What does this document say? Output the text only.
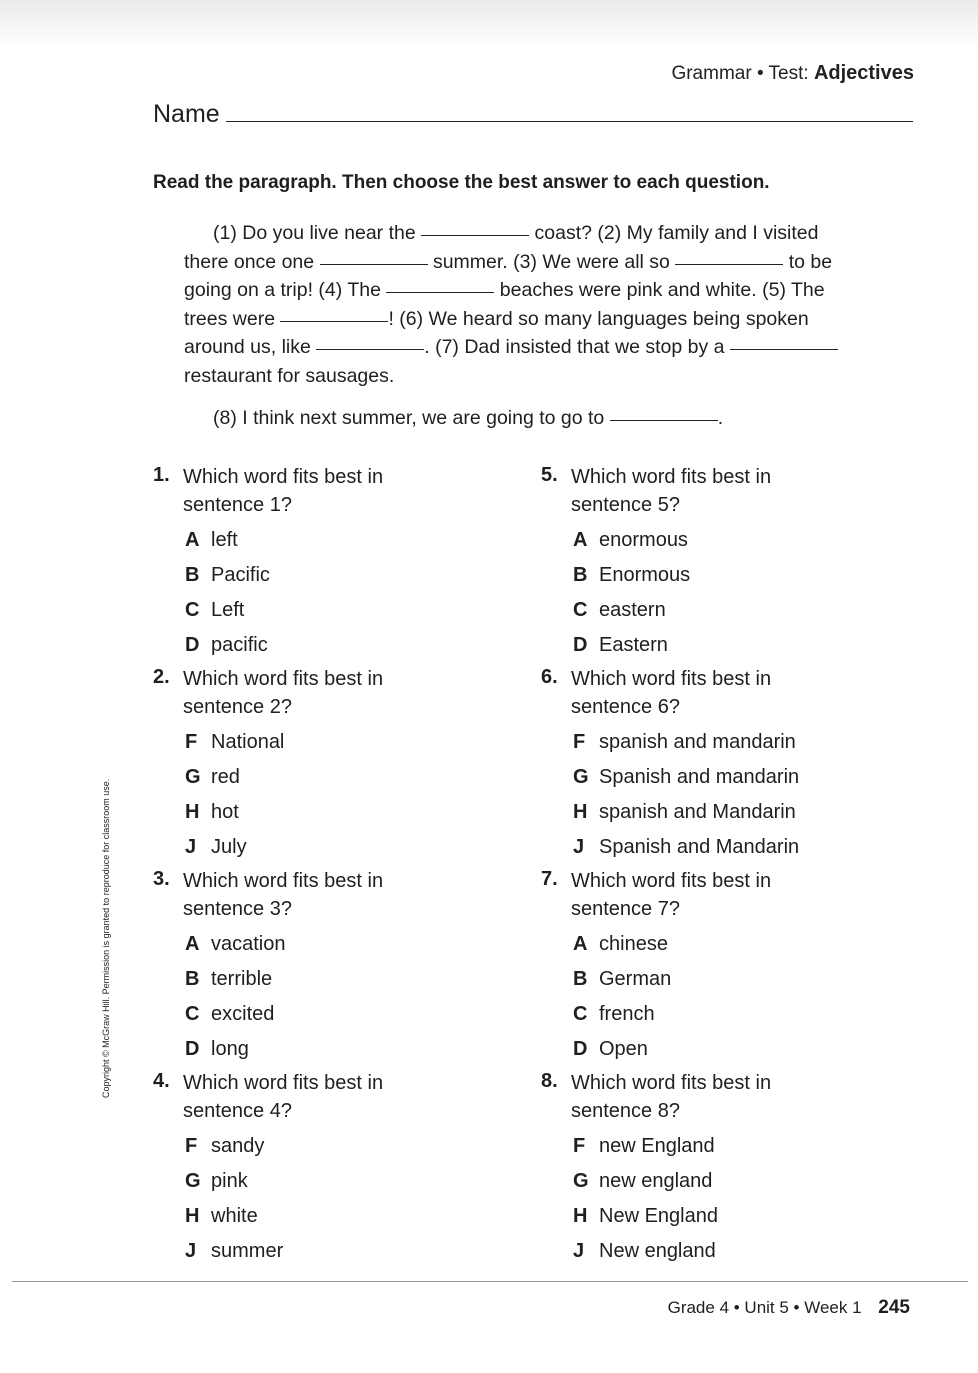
Grammar • Test: Adjectives
Name
Read the paragraph. Then choose the best answer to each question.

(1) Do you live near the	coast? (2) My family and I visited there once one	summer. (3) We were all so	to be going on a trip! (4) The	beaches were pink and white. (5) The trees were	! (6) We heard so many languages being spoken around us, like	. (7) Dad insisted that we stop by a  restaurant for sausages.

(8) I think next summer, we are going to go to	.

1. Which word fits best in
sentence 1?
A left
B Pacific
C Left
D pacific
2. Which word fits best in
sentence 2?
F National
G red
H hot
J July
3. Which word fits best in
sentence 3?
A vacation
B terrible
C excited
D long
4. Which word fits best in
sentence 4?
F sandy
G pink
H white
J summer
5. Which word fits best in
sentence 5?
A enormous
B Enormous
C eastern
D Eastern
6. Which word fits best in
sentence 6?
F spanish and mandarin
G Spanish and mandarin
H spanish and Mandarin
J Spanish and Mandarin
7. Which word fits best in
sentence 7?
A chinese
B German
C french
D Open
8. Which word fits best in
sentence 8?
F new England
G new england
H New England
J New england
Copyright © McGraw Hill. Permission is granted to reproduce for classroom use.
Grade 4 • Unit 5 • Week 1 245
